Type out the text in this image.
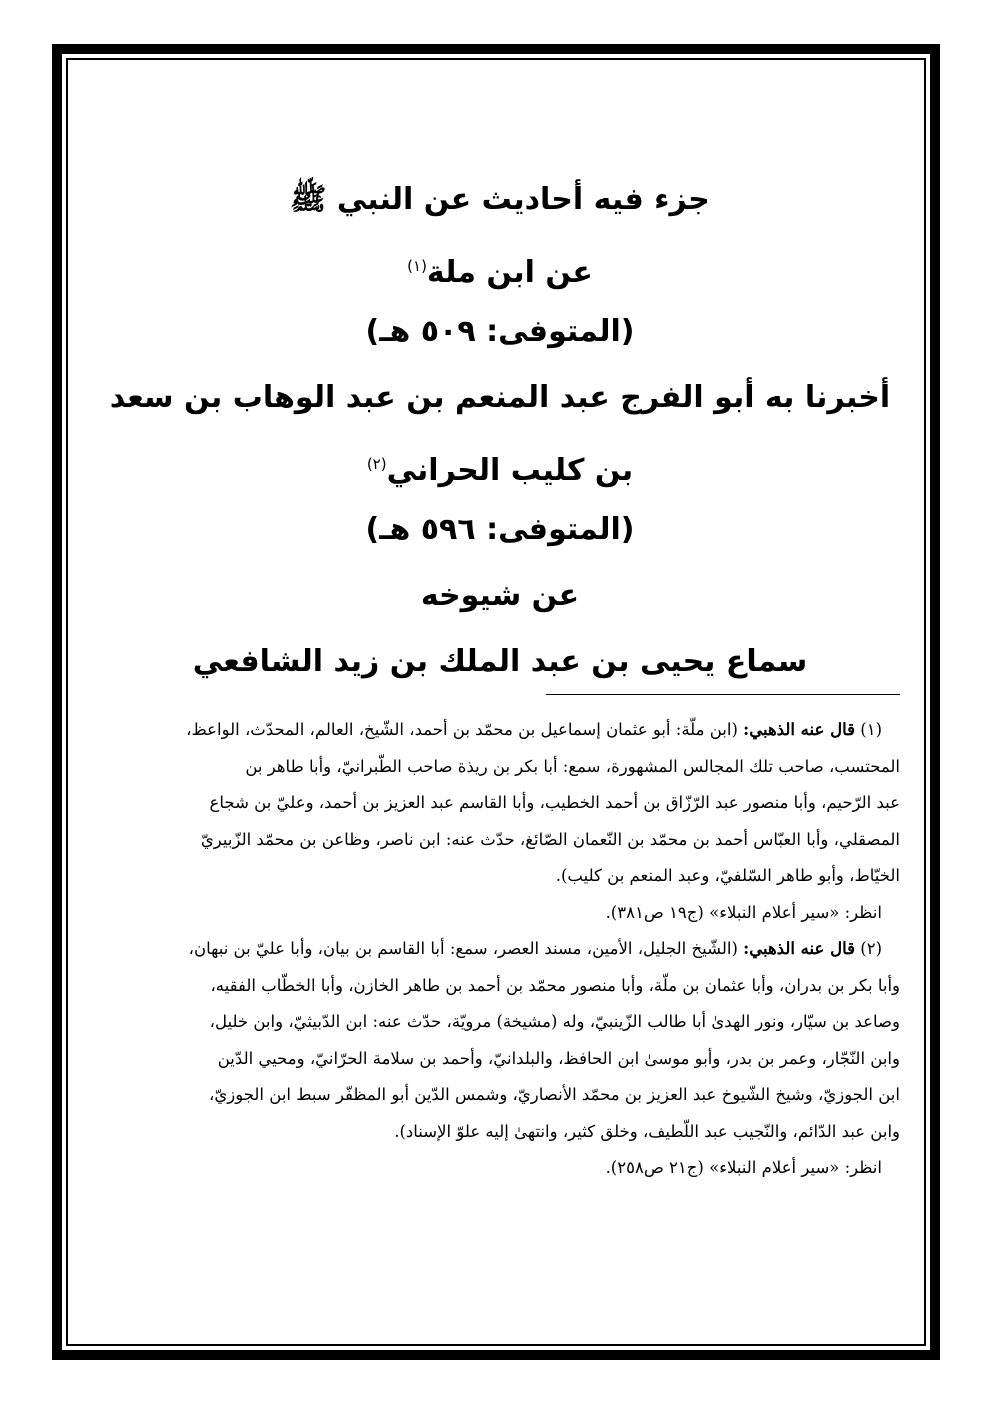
جزء فيه أحاديث عن النبي ﷺ
عن ابن ملة$^{(١)}$
(المتوفى: ٥٠٩ هـ)
أخبرنا به أبو الفرج عبد المنعم بن عبد الوهاب بن سعد
بن كليب الحراني$^{(٢)}$
(المتوفى: ٥٩٦ هـ)
عن شيوخه
سماع يحيى بن عبد الملك بن زيد الشافعي
(١) قال عنه الذهبي: (ابن ملّة: أبو عثمان إسماعيل بن محمّد بن أحمد، الشّيخ، العالم، المحدّث، الواعظ،
المحتسب، صاحب تلك المجالس المشهورة، سمع: أبا بكر بن ريذة صاحب الطّبرانيّ، وأبا طاهر بن
عبد الرّحيم، وأبا منصور عبد الرّزّاق بن أحمد الخطيب، وأبا القاسم عبد العزيز بن أحمد، وعليّ بن شجاع
المصقلي، وأبا العبّاس أحمد بن محمّد بن النّعمان الصّائغ، حدّث عنه: ابن ناصر، وظاعن بن محمّد الزّبيريّ
الخيّاط، وأبو طاهر السّلفيّ، وعبد المنعم بن كليب).
انظر: «سير أعلام النبلاء» (ج١٩ ص٣٨١).
(٢) قال عنه الذهبي: (الشّيخ الجليل، الأمين، مسند العصر، سمع: أبا القاسم بن بيان، وأبا عليّ بن نبهان،
وأبا بكر بن بدران، وأبا عثمان بن ملّة، وأبا منصور محمّد بن أحمد بن طاهر الخازن، وأبا الخطّاب الفقيه،
وصاعد بن سيّار، ونور الهدىٰ أبا طالب الزّينبيّ، وله (مشيخة) مرويّة، حدّث عنه: ابن الدّبيثيّ، وابن خليل،
وابن النّجّار، وعمر بن بدر، وأبو موسىٰ ابن الحافظ، والبلدانيّ، وأحمد بن سلامة الحرّانيّ، ومحيي الدّين
ابن الجوزيّ، وشيخ الشّيوخ عبد العزيز بن محمّد الأنصاريّ، وشمس الدّين أبو المظفّر سبط ابن الجوزيّ،
وابن عبد الدّائم، والنّجيب عبد اللّطيف، وخلق كثير، وانتهىٰ إليه علوّ الإسناد).
انظر: «سير أعلام النبلاء» (ج٢١ ص٢٥٨).
